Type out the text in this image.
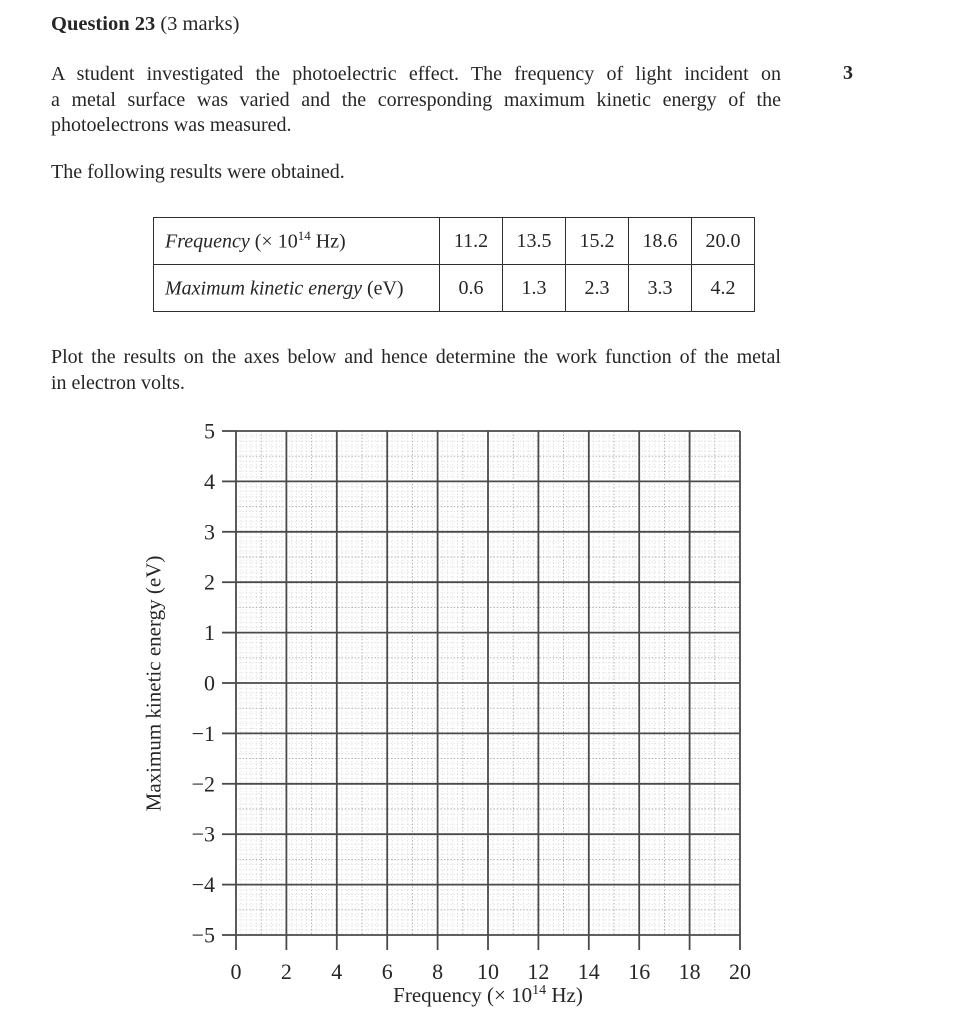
Question 23 (3 marks)
3
A student investigated the photoelectric effect. The frequency of light incident on
a metal surface was varied and the corresponding maximum kinetic energy of the
photoelectrons was measured.
The following results were obtained.
Frequency (× $10^{14}$ Hz)	11.2	13.5	15.2	18.6	20.0
Maximum kinetic energy (eV)	0.6	1.3	2.3	3.3	4.2
Plot the results on the axes below and hence determine the work function of the metal
in electron volts.
0 2 4 6 8 10 12 14 16 18 20
5
4
3
2
1
0
−1
−2
−3
−4
−5
Maximum kinetic energy (eV)
Frequency (× $10^{14}$ Hz)
